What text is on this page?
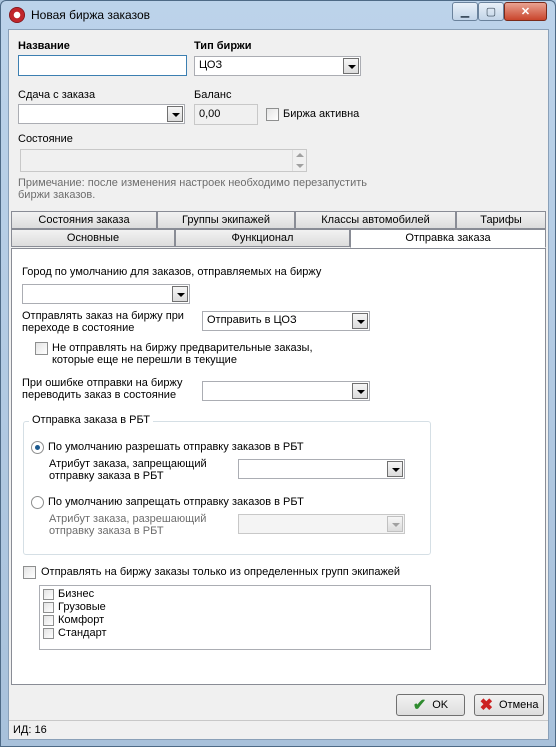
Новая биржа заказов	▁ ▢ ✕
Название	Тип биржи
ЦОЗ
Сдача с заказа	Баланс
0,00	Биржа активна
Состояние
Примечание: после изменения настроек необходимо перезапустить биржи заказов.
Состояния заказа	Группы экипажей	Классы автомобилей	Тарифы
Основные	Функционал	Отправка заказа
Город по умолчанию для заказов, отправляемых на биржу
Отправлять заказ на биржу при переходе в состояние
Отправить в ЦОЗ
Не отправлять на биржу предварительные заказы, которые еще не перешли в текущие
При ошибке отправки на биржу переводить заказ в состояние
Отправка заказа в РБТ
По умолчанию разрешать отправку заказов в РБТ
Атрибут заказа, запрещающий отправку заказа в РБТ
По умолчанию запрещать отправку заказов в РБТ
Атрибут заказа, разрешающий отправку заказа в РБТ
Отправлять на биржу заказы только из определенных групп экипажей
Бизнес
Грузовые
Комфорт
Стандарт
✔ OK ✖ Отмена
ИД: 16
